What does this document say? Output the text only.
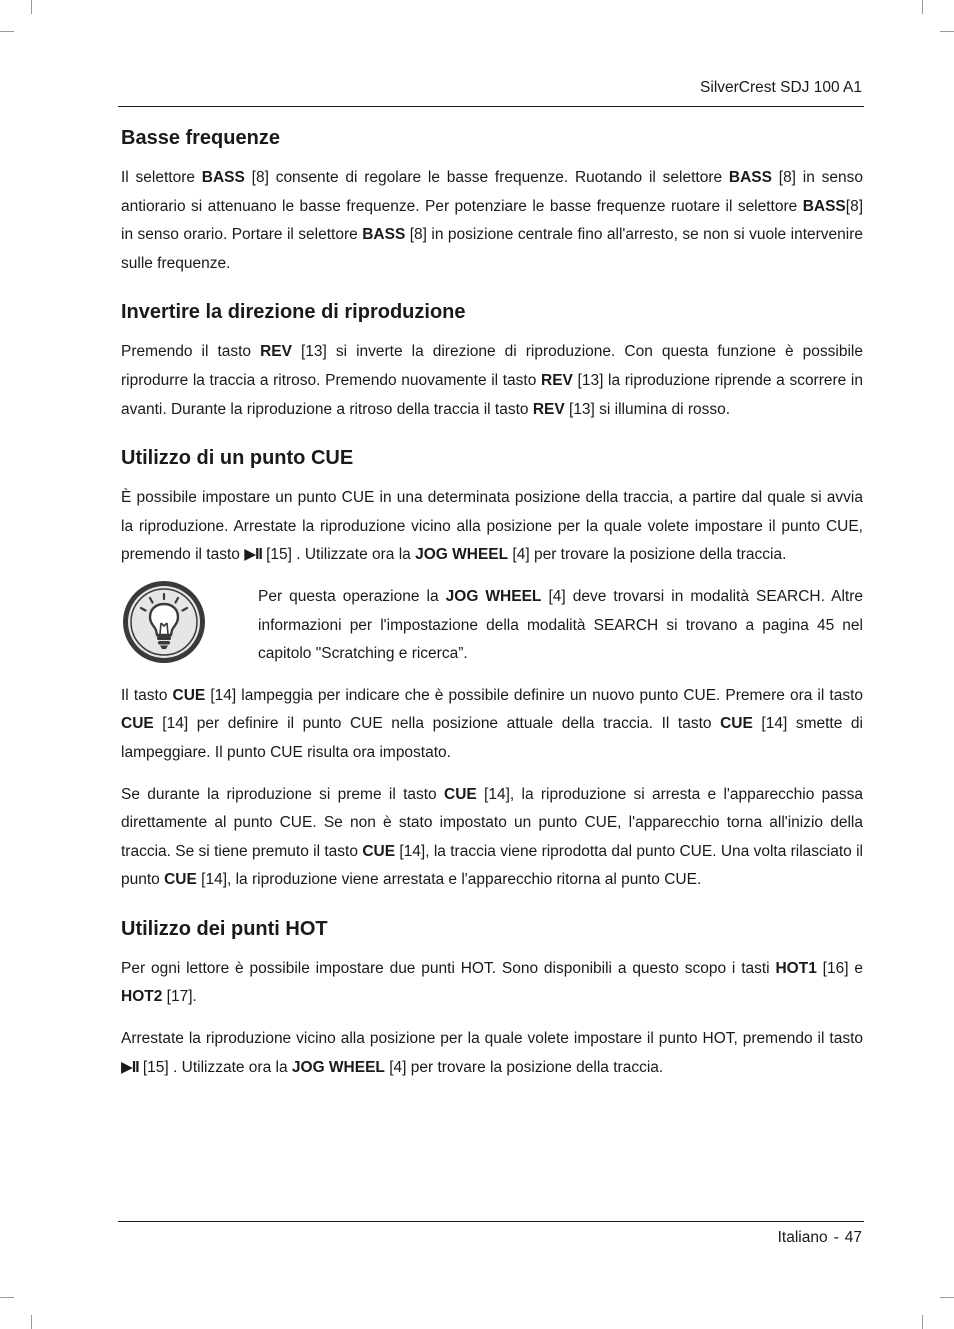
SilverCrest SDJ 100 A1
Basse frequenze

Il selettore BASS [8] consente di regolare le basse frequenze. Ruotando il selettore BASS [8] in senso antiorario si attenuano le basse frequenze. Per potenziare le basse frequenze ruotare il selettore BASS[8] in senso orario. Portare il selettore BASS [8] in posizione centrale fino all'arresto, se non si vuole intervenire sulle frequenze.

Invertire la direzione di riproduzione

Premendo il tasto REV [13] si inverte la direzione di riproduzione. Con questa funzione è possibile riprodurre la traccia a ritroso. Premendo nuovamente il tasto REV [13] la riproduzione riprende a scorrere in avanti. Durante la riproduzione a ritroso della traccia il tasto REV [13] si illumina di rosso.

Utilizzo di un punto CUE

È possibile impostare un punto CUE in una determinata posizione della traccia, a partire dal quale si avvia la riproduzione. Arrestate la riproduzione vicino alla posizione per la quale volete impostare il punto CUE, premendo il tasto ▶II [15] . Utilizzate ora la JOG WHEEL [4] per trovare la posizione della traccia.

Per questa operazione la JOG WHEEL [4] deve trovarsi in modalità SEARCH. Altre informazioni per l'impostazione della modalità SEARCH si trovano a pagina 45 nel capitolo "Scratching e ricerca”.

Il tasto CUE [14] lampeggia per indicare che è possibile definire un nuovo punto CUE. Premere ora il tasto CUE [14] per definire il punto CUE nella posizione attuale della traccia. Il tasto CUE [14] smette di lampeggiare. Il punto CUE risulta ora impostato.

Se durante la riproduzione si preme il tasto CUE [14], la riproduzione si arresta e l'apparecchio passa direttamente al punto CUE. Se non è stato impostato un punto CUE, l'apparecchio torna all'inizio della traccia. Se si tiene premuto il tasto CUE [14], la traccia viene riprodotta dal punto CUE. Una volta rilasciato il punto CUE [14], la riproduzione viene arrestata e l'apparecchio ritorna al punto CUE.

Utilizzo dei punti HOT

Per ogni lettore è possibile impostare due punti HOT. Sono disponibili a questo scopo i tasti HOT1 [16] e HOT2 [17].

Arrestate la riproduzione vicino alla posizione per la quale volete impostare il punto HOT, premendo il tasto ▶II [15] . Utilizzate ora la JOG WHEEL [4] per trovare la posizione della traccia.

Italiano - 47
